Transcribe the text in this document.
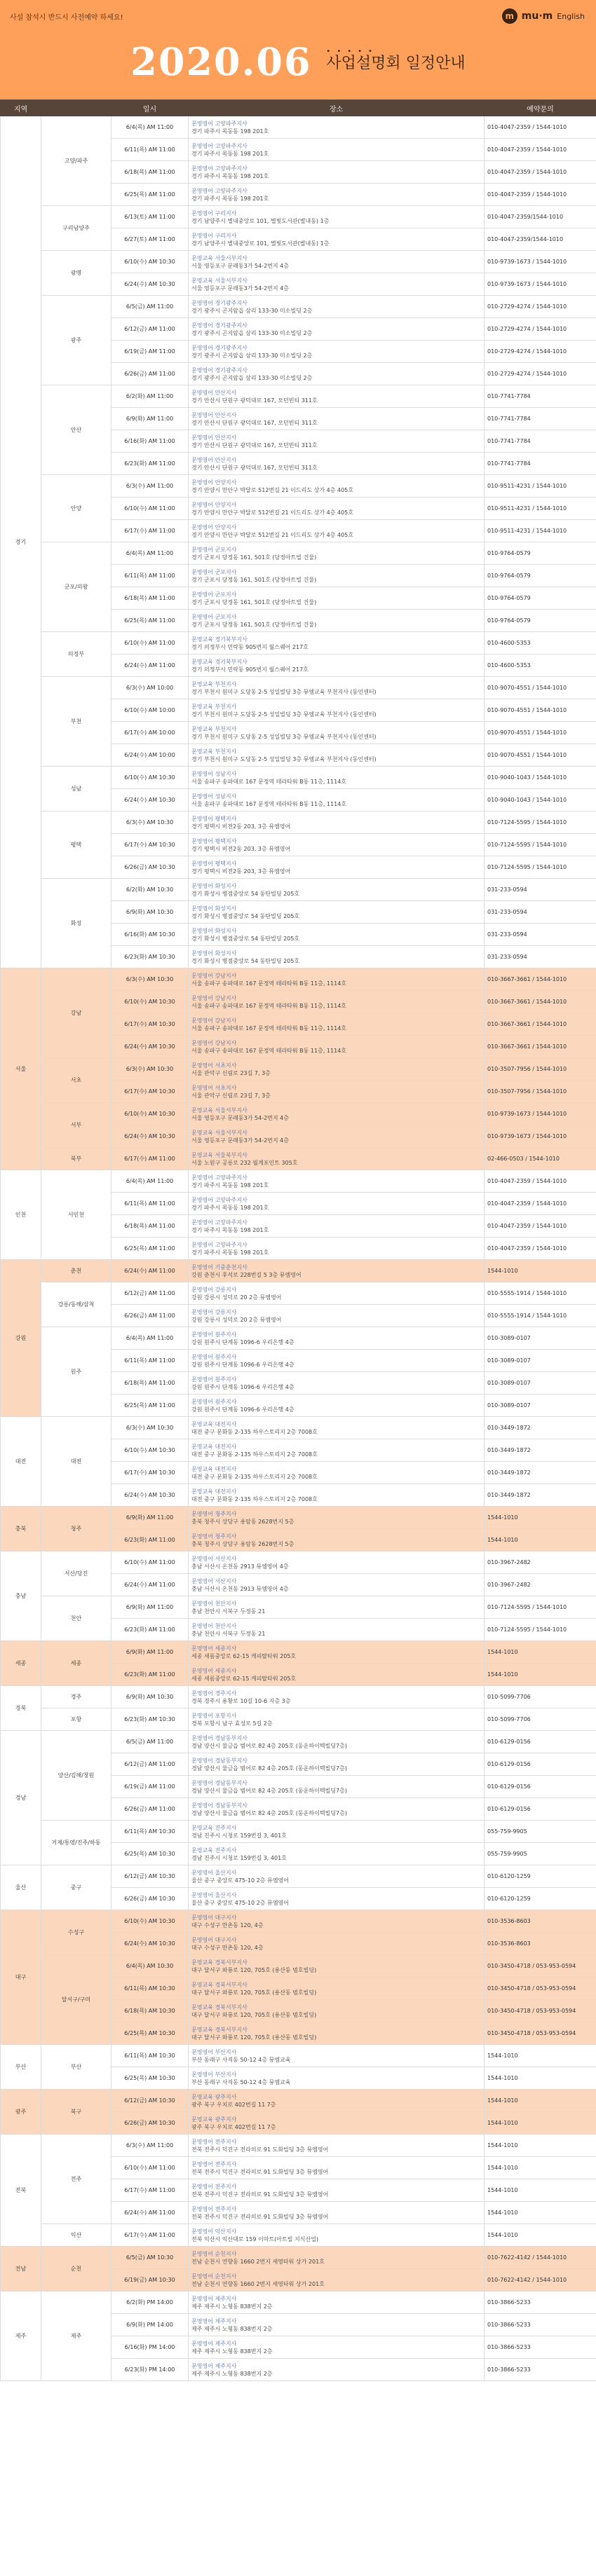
사설 참석시 반드시 사전예약 하세요!	m mu·m English
2020.06 •••••
사업설명회 일정안내
지역		일시	장소	예약문의
경기	고양/파주	6/4(목) AM 11:00	문영영어 고양파주지사
경기 파주시 목동동 198 201호	010-4047-2359 / 1544-1010
		6/11(목) AM 11:00	문영영어 고양파주지사
경기 파주시 목동동 198 201호	010-4047-2359 / 1544-1010
		6/18(목) AM 11:00	문영영어 고양파주지사
경기 파주시 목동동 198 201호	010-4047-2359 / 1544-1010
		6/25(목) AM 11:00	문영영어 고양파주지사
경기 파주시 목동동 198 201호	010-4047-2359 / 1544-1010
	구리남양주	6/13(토) AM 11:00	문영영어 구리지사
경기 남양주시 별내중앙로 101, 별빛도서관(별내동) 1층	010-4047-2359/1544-1010
		6/27(토) AM 11:00	문영영어 구리지사
경기 남양주시 별내중앙로 101, 별빛도서관(별내동) 1층	010-4047-2359/1544-1010
	광명	6/10(수) AM 10:30	문영교육 서울서부지사
서울 영등포구 문래동3가 54-2번지 4층	010-9739-1673 / 1544-1010
		6/24(수) AM 10:30	문영교육 서울서부지사
서울 영등포구 문래동3가 54-2번지 4층	010-9739-1673 / 1544-1010
	광주	6/5(금) AM 11:00	문영영어 경기광주지사
경기 광주시 곤지암읍 삼리 133-30 미소빌딩 2층	010-2729-4274 / 1544-1010
		6/12(금) AM 11:00	문영영어 경기광주지사
경기 광주시 곤지암읍 삼리 133-30 미소빌딩 2층	010-2729-4274 / 1544-1010
		6/19(금) AM 11:00	문영영어 경기광주지사
경기 광주시 곤지암읍 삼리 133-30 미소빌딩 2층	010-2729-4274 / 1544-1010
		6/26(금) AM 11:00	문영영어 경기광주지사
경기 광주시 곤지암읍 삼리 133-30 미소빌딩 2층	010-2729-4274 / 1544-1010
	안산	6/2(화) AM 11:00	문영영어 안산지사
경기 안산시 단원구 광덕대로 167, 모던빈티 311호	010-7741-7784
		6/9(화) AM 11:00	문영영어 안산지사
경기 안산시 단원구 광덕대로 167, 모던빈티 311호	010-7741-7784
		6/16(화) AM 11:00	문영영어 안산지사
경기 안산시 단원구 광덕대로 167, 모던빈티 311호	010-7741-7784
		6/23(화) AM 11:00	문영영어 안산지사
경기 안산시 단원구 광덕대로 167, 모던빈티 311호	010-7741-7784
	안양	6/3(수) AM 11:00	문영영어 안양지사
경기 안양시 만안구 박달로 512번길 21 이드리도 상가 4층 405호	010-9511-4231 / 1544-1010
		6/10(수) AM 11:00	문영영어 안양지사
경기 안양시 만안구 박달로 512번길 21 이드리도 상가 4층 405호	010-9511-4231 / 1544-1010
		6/17(수) AM 11:00	문영영어 안양지사
경기 안양시 만안구 박달로 512번길 21 이드리도 상가 4층 405호	010-9511-4231 / 1544-1010
	군포/의왕	6/4(목) AM 11:00	문영영어 군포지사
경기 군포시 당정동 161, 501호 (당정아트빌 건물)	010-9764-0579
		6/11(목) AM 11:00	문영영어 군포지사
경기 군포시 당정동 161, 501호 (당정아트빌 건물)	010-9764-0579
		6/18(목) AM 11:00	문영영어 군포지사
경기 군포시 당정동 161, 501호 (당정아트빌 건물)	010-9764-0579
		6/25(목) AM 11:00	문영영어 군포지사
경기 군포시 당정동 161, 501호 (당정아트빌 건물)	010-9764-0579
	의정부	6/10(수) AM 11:00	문영교육 경기북부지사
경기 의정부시 민락동 905번지 월스퀘어 217호	010-4600-5353
		6/24(수) AM 11:00	문영교육 경기북부지사
경기 의정부시 민락동 905번지 월스퀘어 217호	010-4600-5353
	부천	6/3(수) AM 10:00	문영교육 부천지사
경기 부천시 원미구 도당동 2-5 성일빌딩 3층 뮤엠교육 부천지사 (동인센터)	010-9070-4551 / 1544-1010
		6/10(수) AM 10:00	문영교육 부천지사
경기 부천시 원미구 도당동 2-5 성일빌딩 3층 뮤엠교육 부천지사 (동인센터)	010-9070-4551 / 1544-1010
		6/17(수) AM 10:00	문영교육 부천지사
경기 부천시 원미구 도당동 2-5 성일빌딩 3층 뮤엠교육 부천지사 (동인센터)	010-9070-4551 / 1544-1010
		6/24(수) AM 10:00	문영교육 부천지사
경기 부천시 원미구 도당동 2-5 성일빌딩 3층 뮤엠교육 부천지사 (동인센터)	010-9070-4551 / 1544-1010
	성남	6/10(수) AM 10:30	문영영어 성남지사
서울 송파구 송파대로 167 문정역 테라타워 B동 11층, 1114호	010-9040-1043 / 1544-1010
		6/24(수) AM 10:30	문영영어 성남지사
서울 송파구 송파대로 167 문정역 테라타워 B동 11층, 1114호	010-9040-1043 / 1544-1010
	평택	6/3(수) AM 10:30	문영영어 평택지사
경기 평택시 비전2동 203, 3층 뮤엠영어	010-7124-5595 / 1544-1010
		6/17(수) AM 10:30	문영영어 평택지사
경기 평택시 비전2동 203, 3층 뮤엠영어	010-7124-5595 / 1544-1010
		6/26(금) AM 10:30	문영영어 평택지사
경기 평택시 비전2동 203, 3층 뮤엠영어	010-7124-5595 / 1544-1010
	화성	6/2(화) AM 10:30	문영영어 화성지사
경기 화성시 병점중앙로 54 동탄빌딩 205호	031-233-0594
		6/9(화) AM 10:30	문영영어 화성지사
경기 화성시 병점중앙로 54 동탄빌딩 205호	031-233-0594
		6/16(화) AM 10:30	문영영어 화성지사
경기 화성시 병점중앙로 54 동탄빌딩 205호	031-233-0594
		6/23(화) AM 10:30	문영영어 화성지사
경기 화성시 병점중앙로 54 동탄빌딩 205호	031-233-0594
서울	강남	6/3(수) AM 10:30	문영영어 강남지사
서울 송파구 송파대로 167 문정역 테라타워 B동 11층, 1114호	010-3667-3661 / 1544-1010
		6/10(수) AM 10:30	문영영어 강남지사
서울 송파구 송파대로 167 문정역 테라타워 B동 11층, 1114호	010-3667-3661 / 1544-1010
		6/17(수) AM 10:30	문영영어 강남지사
서울 송파구 송파대로 167 문정역 테라타워 B동 11층, 1114호	010-3667-3661 / 1544-1010
		6/24(수) AM 10:30	문영영어 강남지사
서울 송파구 송파대로 167 문정역 테라타워 B동 11층, 1114호	010-3667-3661 / 1544-1010
	서초	6/3(수) AM 10:30	문영영어 서초지사
서울 관악구 신림로 23길 7, 3층	010-3507-7956 / 1544-1010
		6/17(수) AM 10:30	문영영어 서초지사
서울 관악구 신림로 23길 7, 3층	010-3507-7956 / 1544-1010
	서부	6/10(수) AM 10:30	문영교육 서울서부지사
서울 영등포구 문래동3가 54-2번지 4층	010-9739-1673 / 1544-1010
		6/24(수) AM 10:30	문영교육 서울서부지사
서울 영등포구 문래동3가 54-2번지 4층	010-9739-1673 / 1544-1010
	북부	6/17(수) AM 11:00	문영교육 서울북부지사
서울 노원구 공릉로 232 월계포인트 305호	02-466-0503 / 1544-1010
인천	서인천	6/4(목) AM 11:00	문영영어 고양파주지사
경기 파주시 목동동 198 201호	010-4047-2359 / 1544-1010
		6/11(목) AM 11:00	문영영어 고양파주지사
경기 파주시 목동동 198 201호	010-4047-2359 / 1544-1010
		6/18(목) AM 11:00	문영영어 고양파주지사
경기 파주시 목동동 198 201호	010-4047-2359 / 1544-1010
		6/25(목) AM 11:00	문영영어 고양파주지사
경기 파주시 목동동 198 201호	010-4047-2359 / 1544-1010
강원	춘천	6/24(수) AM 11:00	문영영어 기중춘천지사
강원 춘천시 후석로 228번길 5 3층 뮤엠영어	1544-1010
	강릉/동해/삼척	6/12(금) AM 11:00	문영영어 강릉지사
강원 강릉시 성덕로 20 2층 뮤엠영어	010-5555-1914 / 1544-1010
		6/26(금) AM 11:00	문영영어 강릉지사
강원 강릉시 성덕로 20 2층 뮤엠영어	010-5555-1914 / 1544-1010
	원주	6/4(목) AM 11:00	문영영어 원주지사
강원 원주시 단계동 1096-6 우리은행 4층	010-3089-0107
		6/11(목) AM 11:00	문영영어 원주지사
강원 원주시 단계동 1096-6 우리은행 4층	010-3089-0107
		6/18(목) AM 11:00	문영영어 원주지사
강원 원주시 단계동 1096-6 우리은행 4층	010-3089-0107
		6/25(목) AM 11:00	문영영어 원주지사
강원 원주시 단계동 1096-6 우리은행 4층	010-3089-0107
대전	대전	6/3(수) AM 10:30	문영교육 대전지사
대전 중구 문화동 2-135 하우스토리지 2층 7008호	010-3449-1872
		6/10(수) AM 10:30	문영교육 대전지사
대전 중구 문화동 2-135 하우스토리지 2층 7008호	010-3449-1872
		6/17(수) AM 10:30	문영교육 대전지사
대전 중구 문화동 2-135 하우스토리지 2층 7008호	010-3449-1872
		6/24(수) AM 10:30	문영교육 대전지사
대전 중구 문화동 2-135 하우스토리지 2층 7008호	010-3449-1872
충북	청주	6/9(화) AM 11:00	문영영어 청주지사
충북 청주시 상당구 용암동 2628번지 5층	1544-1010
		6/23(화) AM 11:00	문영영어 청주지사
충북 청주시 상당구 용암동 2628번지 5층	1544-1010
충남	서산/당진	6/10(수) AM 11:00	문영영어 서산지사
충남 서산시 온천동 2913 뮤엠영어 4층	010-3967-2482
		6/24(수) AM 11:00	문영영어 서산지사
충남 서산시 온천동 2913 뮤엠영어 4층	010-3967-2482
	천안	6/9(화) AM 11:00	문영영어 천안지사
충남 천안시 서북구 두정동 21	010-7124-5595 / 1544-1010
		6/23(화) AM 11:00	문영영어 천안지사
충남 천안시 서북구 두정동 21	010-7124-5595 / 1544-1010
세종	세종	6/9(화) AM 11:00	문영영어 세종지사
세종 새롬중앙로 62-15 캐피탈타워 205호	1544-1010
		6/23(화) AM 11:00	문영영어 세종지사
세종 새롬중앙로 62-15 캐피탈타워 205호	1544-1010
경북	경주	6/9(화) AM 10:30	문영영어 경주지사
경북 경주시 용황로 10길 10-6 지층 3층	010-5099-7706
	포항	6/23(화) AM 10:30	문영영어 포항지사
경북 포항시 남구 효성로 5길 2층	010-5099-7706
경남	양산/김해/창원	6/5(금) AM 11:00	문영영어 경남동부지사
경남 양산시 물금읍 범어로 82 4층 205호 (동운하이텍빌딩7층)	010-6129-0156
		6/12(금) AM 11:00	문영영어 경남동부지사
경남 양산시 물금읍 범어로 82 4층 205호 (동운하이텍빌딩7층)	010-6129-0156
		6/19(금) AM 11:00	문영영어 경남동부지사
경남 양산시 물금읍 범어로 82 4층 205호 (동운하이텍빌딩7층)	010-6129-0156
		6/26(금) AM 11:00	문영영어 경남동부지사
경남 양산시 물금읍 범어로 82 4층 205호 (동운하이텍빌딩7층)	010-6129-0156
	거제/통영/진주/하동	6/11(목) AM 10:30	문영교육 진주지사
경남 진주시 시청로 159번길 3, 401호	055-759-9905
		6/25(목) AM 10:30	문영교육 진주지사
경남 진주시 시청로 159번길 3, 401호	055-759-9905
울산	중구	6/12(금) AM 10:30	문영영어 울산지사
울산 중구 중앙로 475-10 2층 뮤엠영어	010-6120-1259
		6/26(금) AM 10:30	문영영어 울산지사
울산 중구 중앙로 475-10 2층 뮤엠영어	010-6120-1259
대구	수성구	6/10(수) AM 10:30	문영영어 대구지사
대구 수성구 만촌동 120, 4층	010-3536-8603
		6/24(수) AM 10:30	문영영어 대구지사
대구 수성구 만촌동 120, 4층	010-3536-8603
	달서구/구미	6/4(목) AM 10:30	문영교육 경북서부지사
대구 달서구 와룡로 120, 705호 (용산동 범호빌딩)	010-3450-4718 / 053-953-0594
		6/11(목) AM 10:30	문영교육 경북서부지사
대구 달서구 와룡로 120, 705호 (용산동 범호빌딩)	010-3450-4718 / 053-953-0594
		6/18(목) AM 10:30	문영교육 경북서부지사
대구 달서구 와룡로 120, 705호 (용산동 범호빌딩)	010-3450-4718 / 053-953-0594
		6/25(목) AM 10:30	문영교육 경북서부지사
대구 달서구 와룡로 120, 705호 (용산동 범호빌딩)	010-3450-4718 / 053-953-0594
부산	부산	6/11(목) AM 10:30	문영영어 부산지사
부산 동래구 사직동 50-12 4층 뮤엠교육	1544-1010
		6/25(목) AM 10:30	문영영어 부산지사
부산 동래구 사직동 50-12 4층 뮤엠교육	1544-1010
광주	북구	6/12(금) AM 10:30	문영교육 광주지사
광주 북구 우치로 402번길 11 7층	1544-1010
		6/26(금) AM 10:30	문영교육 광주지사
광주 북구 우치로 402번길 11 7층	1544-1010
전북	전주	6/3(수) AM 11:00	문영영어 전주지사
전북 전주시 덕진구 전라의로 91 도화빌딩 3층 뮤엠영어	1544-1010
		6/10(수) AM 11:00	문영영어 전주지사
전북 전주시 덕진구 전라의로 91 도화빌딩 3층 뮤엠영어	1544-1010
		6/17(수) AM 11:00	문영영어 전주지사
전북 전주시 덕진구 전라의로 91 도화빌딩 3층 뮤엠영어	1544-1010
		6/24(수) AM 11:00	문영영어 전주지사
전북 전주시 덕진구 전라의로 91 도화빌딩 3층 뮤엠영어	1544-1010
	익산	6/17(수) AM 11:00	문영영어 익산지사
전북 익산시 익산대로 159 이마트(아트빌 지식산업)	1544-1010
전남	순천	6/5(금) AM 10:30	문영영어 순천지사
전남 순천시 연향동 1660 2번지 세영타워 상가 201호	010-7622-4142 / 1544-1010
		6/19(금) AM 10:30	문영영어 순천지사
전남 순천시 연향동 1660 2번지 세영타워 상가 201호	010-7622-4142 / 1544-1010
제주	제주	6/2(화) PM 14:00	문영영어 제주지사
제주 제주시 노형동 838번지 2층	010-3866-5233
		6/9(화) PM 14:00	문영영어 제주지사
제주 제주시 노형동 838번지 2층	010-3866-5233
		6/16(화) PM 14:00	문영영어 제주지사
제주 제주시 노형동 838번지 2층	010-3866-5233
		6/23(화) PM 14:00	문영영어 제주지사
제주 제주시 노형동 838번지 2층	010-3866-5233
